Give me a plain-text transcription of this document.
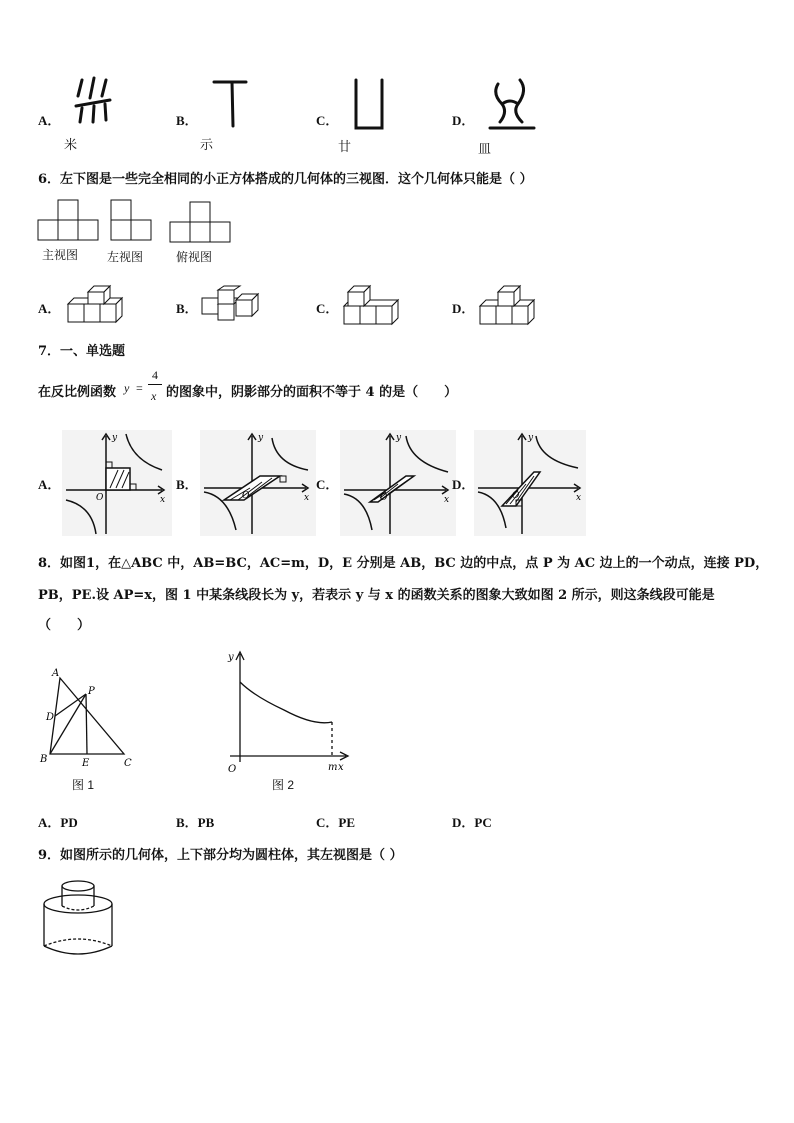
A．
米
B．
示
C．
廿
D．
皿
6．左下图是一些完全相同的小正方体搭成的几何体的三视图．这个几何体只能是（ ）
主视图 左视图	俯视图
A．	B．	C．	D．
7．一、单选题
在反比例函数 y =
4
x 的图象中，阴影部分的面积不等于 4 的是（　　）
A．
y
x
O
B．
y
x
O
C．
y
x
O
D．
y
x
O
8．如图1，在△ABC 中，AB=BC，AC=m，D，E 分别是 AB，BC 边的中点，点 P 为 AC 边上的一个动点，连接 PD，
PB，PE.设 AP=x，图 1 中某条线段长为 y，若表示 y 与 x 的函数关系的图象大致如图 2 所示，则这条线段可能是
（　　）
A
P
D
B	E	C
图 1
y
O	m x
图 2
A．PD	B．PB	C．PE	D．PC
9．如图所示的几何体，上下部分均为圆柱体，其左视图是（ ）
